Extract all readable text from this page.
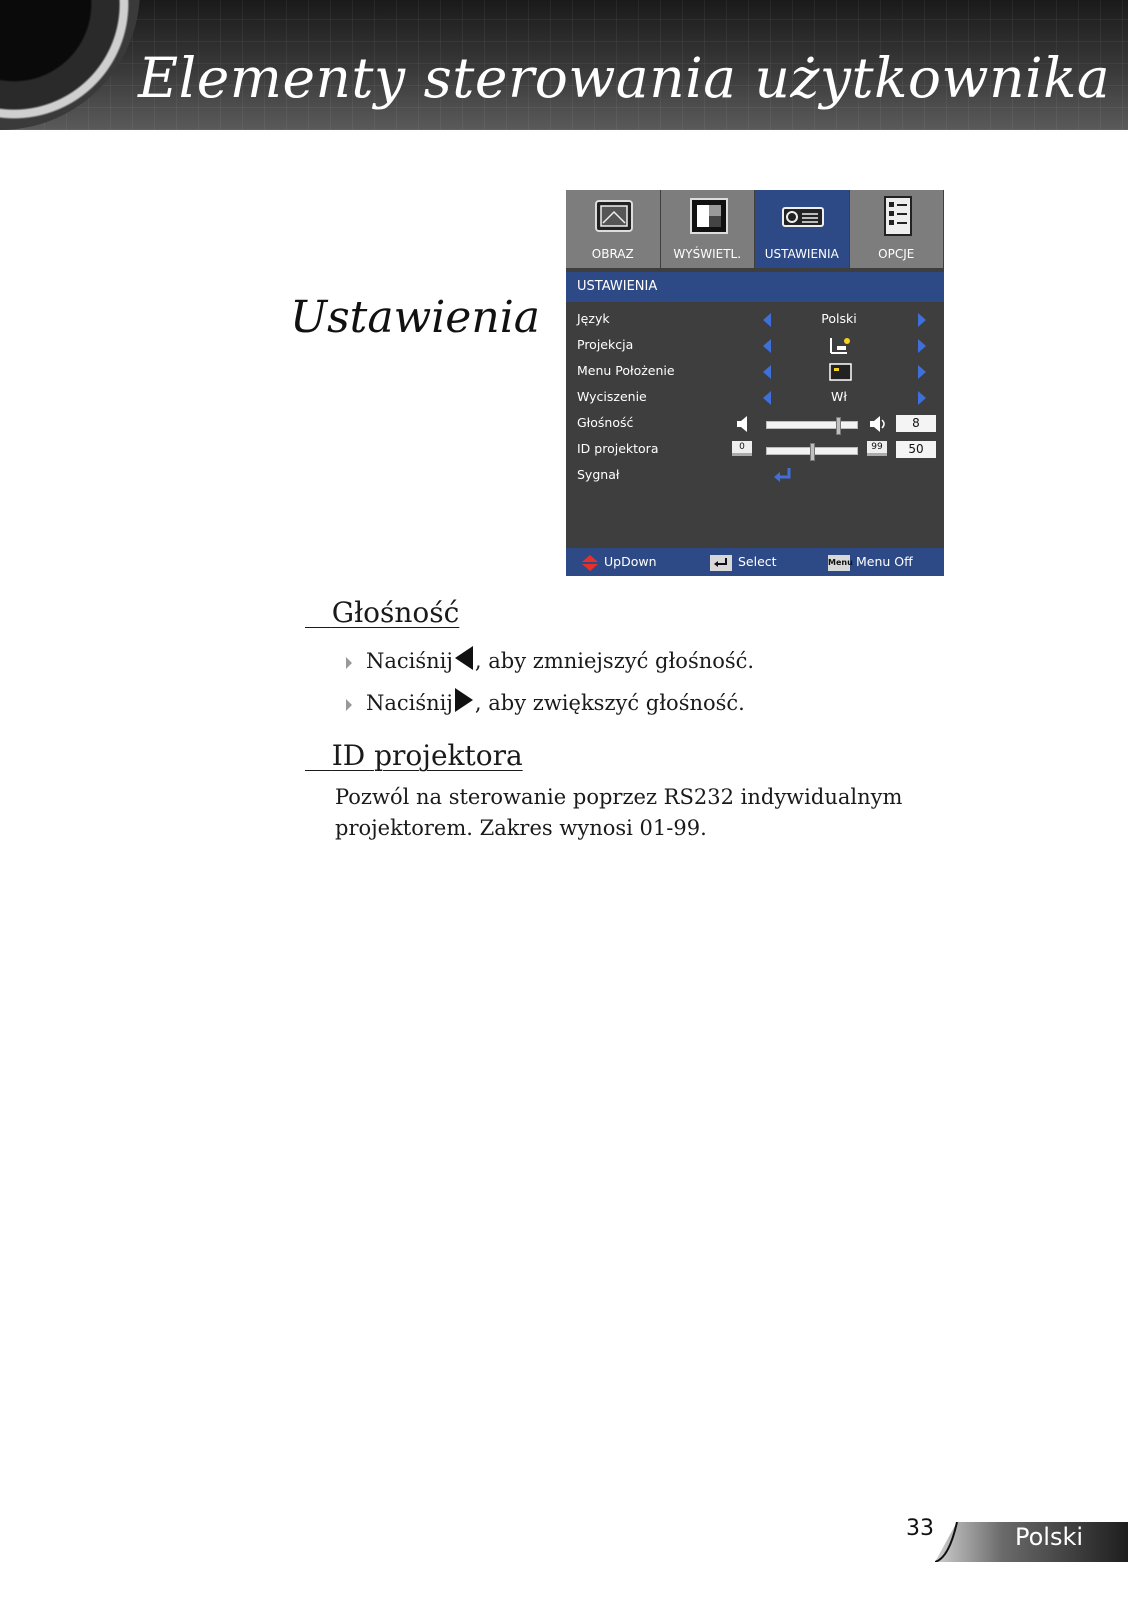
Elementy sterowania użytkownika
Ustawienia
OBRAZ	WYŚWIETL.	USTAWIENIA	OPCJE
USTAWIENIA
Język	Polski
Projekcja
Menu Położenie
Wyciszenie	Wł
Głośność	8
ID projektora	0	99	50
Sygnał
UpDown	Select	Menu Menu Off
Głośność
Naciśnij , aby zmniejszyć głośność.
Naciśnij , aby zwiększyć głośność.
ID projektora
Pozwól na sterowanie poprzez RS232 indywidualnym
projektorem. Zakres wynosi 01-99.
33	Polski
